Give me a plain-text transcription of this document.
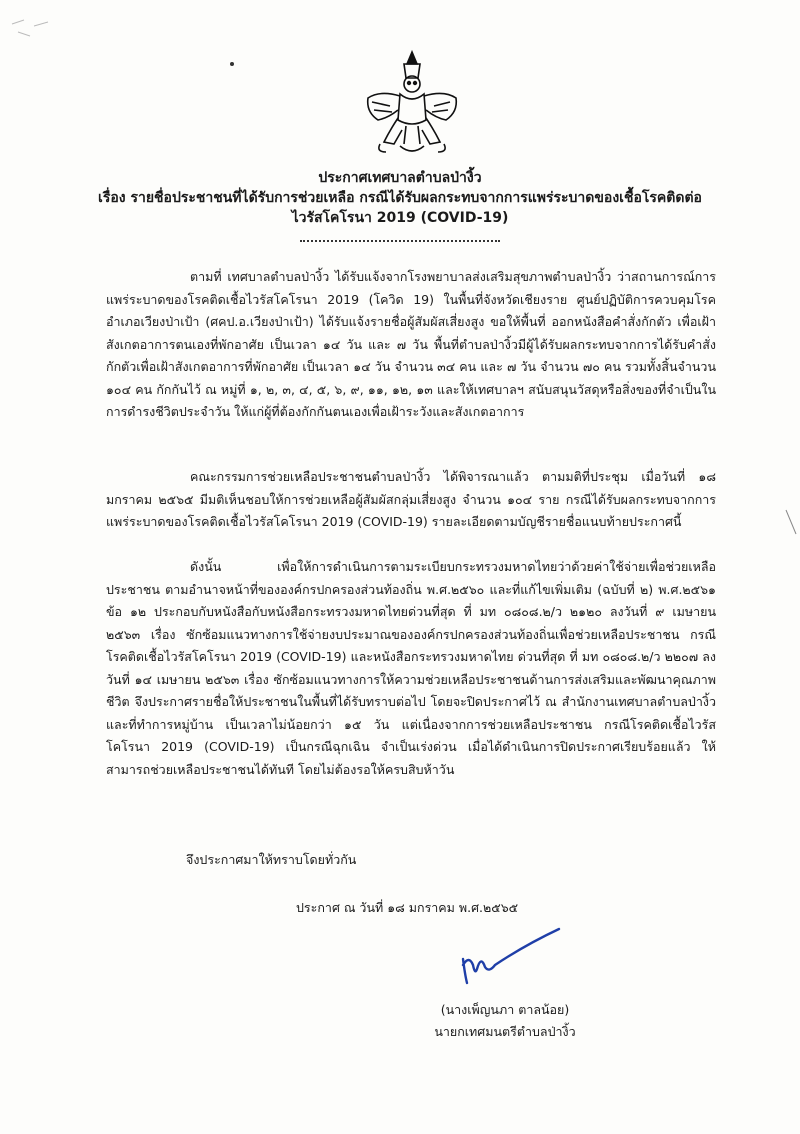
ประกาศเทศบาลตำบลป่างิ้ว
เรื่อง รายชื่อประชาชนที่ได้รับการช่วยเหลือ กรณีได้รับผลกระทบจากการแพร่ระบาดของเชื้อโรคติดต่อ
ไวรัสโคโรนา 2019 (COVID-19)
ตามที่ เทศบาลตำบลป่างิ้ว ได้รับแจ้งจากโรงพยาบาลส่งเสริมสุขภาพตำบลป่างิ้ว ว่าสถานการณ์การแพร่ระบาดของโรคติดเชื้อไวรัสโคโรนา 2019 (โควิด 19) ในพื้นที่จังหวัดเชียงราย ศูนย์ปฏิบัติการควบคุมโรคอำเภอเวียงป่าเป้า (ศคป.อ.เวียงป่าเป้า) ได้รับแจ้งรายชื่อผู้สัมผัสเสี่ยงสูง ขอให้พื้นที่ ออกหนังสือคำสั่งกักตัว เพื่อเฝ้าสังเกตอาการตนเองที่พักอาศัย เป็นเวลา ๑๔ วัน และ ๗ วัน พื้นที่ตำบลป่างิ้วมีผู้ได้รับผลกระทบจากการได้รับคำสั่งกักตัวเพื่อเฝ้าสังเกตอาการที่พักอาศัย เป็นเวลา ๑๔ วัน จำนวน ๓๔ คน และ ๗ วัน จำนวน ๗๐ คน รวมทั้งสิ้นจำนวน ๑๐๔ คน กักกันไว้ ณ หมู่ที่ ๑, ๒, ๓, ๔, ๕, ๖, ๙, ๑๑, ๑๒, ๑๓ และให้เทศบาลฯ สนับสนุนวัสดุหรือสิ่งของที่จำเป็นในการดำรงชีวิตประจำวัน ให้แก่ผู้ที่ต้องกักกันตนเองเพื่อเฝ้าระวังและสังเกตอาการ
คณะกรรมการช่วยเหลือประชาชนตำบลป่างิ้ว ได้พิจารณาแล้ว ตามมติที่ประชุม เมื่อวันที่ ๑๘ มกราคม ๒๕๖๕ มีมติเห็นชอบให้การช่วยเหลือผู้สัมผัสกลุ่มเสี่ยงสูง จำนวน ๑๐๔ ราย กรณีได้รับผลกระทบจากการแพร่ระบาดของโรคติดเชื้อไวรัสโคโรนา 2019 (COVID-19) รายละเอียดตามบัญชีรายชื่อแนบท้ายประกาศนี้
ดังนั้น เพื่อให้การดำเนินการตามระเบียบกระทรวงมหาดไทยว่าด้วยค่าใช้จ่ายเพื่อช่วยเหลือประชาชน ตามอำนาจหน้าที่ขององค์กรปกครองส่วนท้องถิ่น พ.ศ.๒๕๖๐ และที่แก้ไขเพิ่มเติม (ฉบับที่ ๒) พ.ศ.๒๕๖๑ ข้อ ๑๒ ประกอบกับหนังสือกับหนังสือกระทรวงมหาดไทยด่วนที่สุด ที่ มท ๐๘๐๘.๒/ว ๒๑๒๐ ลงวันที่ ๙ เมษายน ๒๕๖๓ เรื่อง ซักซ้อมแนวทางการใช้จ่ายงบประมาณขององค์กรปกครองส่วนท้องถิ่นเพื่อช่วยเหลือประชาชน กรณีโรคติดเชื้อไวรัสโคโรนา 2019 (COVID-19) และหนังสือกระทรวงมหาดไทย ด่วนที่สุด ที่ มท ๐๘๐๘.๒/ว ๒๒๐๗ ลงวันที่ ๑๔ เมษายน ๒๕๖๓ เรื่อง ซักซ้อมแนวทางการให้ความช่วยเหลือประชาชนด้านการส่งเสริมและพัฒนาคุณภาพชีวิต จึงประกาศรายชื่อให้ประชาชนในพื้นที่ได้รับทราบต่อไป โดยจะปิดประกาศไว้ ณ สำนักงานเทศบาลตำบลป่างิ้ว และที่ทำการหมู่บ้าน เป็นเวลาไม่น้อยกว่า ๑๕ วัน แต่เนื่องจากการช่วยเหลือประชาชน กรณีโรคติดเชื้อไวรัสโคโรนา 2019 (COVID-19) เป็นกรณีฉุกเฉิน จำเป็นเร่งด่วน เมื่อได้ดำเนินการปิดประกาศเรียบร้อยแล้ว ให้สามารถช่วยเหลือประชาชนได้ทันที โดยไม่ต้องรอให้ครบสิบห้าวัน
จึงประกาศมาให้ทราบโดยทั่วกัน
ประกาศ ณ วันที่ ๑๘ มกราคม พ.ศ.๒๕๖๕
(นางเพ็ญนภา ตาลน้อย)
นายกเทศมนตรีตำบลป่างิ้ว
